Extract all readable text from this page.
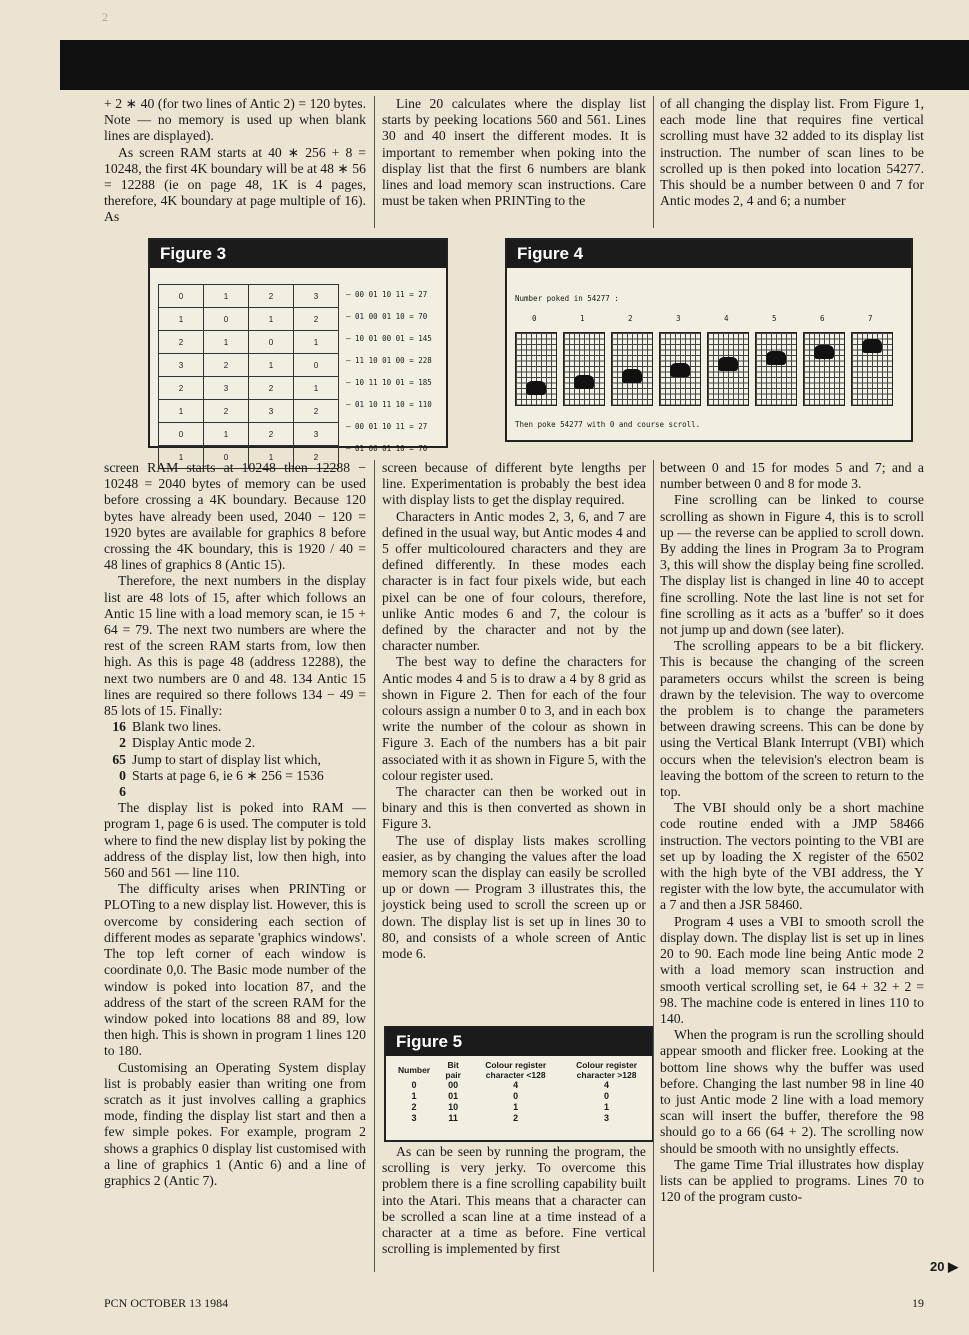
2

+ 2 ∗ 40 (for two lines of Antic 2) = 120 bytes. Note — no memory is used up when blank lines are displayed).

As screen RAM starts at 40 ∗ 256 + 8 = 10248, the first 4K boundary will be at 48 ∗ 56 = 12288 (ie on page 48, 1K is 4 pages, therefore, 4K boundary at page multiple of 16). As

Line 20 calculates where the display list starts by peeking locations 560 and 561. Lines 30 and 40 insert the different modes. It is important to remember when poking into the display list that the first 6 numbers are blank lines and load memory scan instructions. Care must be taken when PRINTing to the

of all changing the display list. From Figure 1, each mode line that requires fine vertical scrolling must have 32 added to its display list instruction. The number of scan lines to be scrolled up is then poked into location 54277. This should be a number between 0 and 7 for Antic modes 2, 4 and 6; a number

Figure 3
0	1	2	3
1	0	1	2
2	1	0	1
3	2	1	0
2	3	2	1
1	2	3	2
0	1	2	3
1	0	1	2
– 00 01 10 11 = 27
– 01 00 01 10 = 70
– 10 01 00 01 = 145
– 11 10 01 00 = 228
– 10 11 10 01 = 185
– 01 10 11 10 = 110
– 00 01 10 11 = 27
– 01 00 01 10 = 70
Figure 4
Number poked in 54277 :
Then poke 54277 with 0 and course scroll.
0	1	2	3	4	5	6	7

screen RAM starts at 10248 then 12288 − 10248 = 2040 bytes of memory can be used before crossing a 4K boundary. Because 120 bytes have already been used, 2040 − 120 = 1920 bytes are available for graphics 8 before crossing the 4K boundary, this is 1920 / 40 = 48 lines of graphics 8 (Antic 15).

Therefore, the next numbers in the display list are 48 lots of 15, after which follows an Antic 15 line with a load memory scan, ie 15 + 64 = 79. The next two numbers are where the rest of the screen RAM starts from, low then high. As this is page 48 (address 12288), the next two numbers are 0 and 48. 134 Antic 15 lines are required so there follows 134 − 49 = 85 lots of 15. Finally:

16 Blank two lines.
2 Display Antic mode 2.
65 Jump to start of display list which,
0 Starts at page 6, ie 6 ∗ 256 = 1536
6

The display list is poked into RAM — program 1, page 6 is used. The computer is told where to find the new display list by poking the address of the display list, low then high, into 560 and 561 — line 110.

The difficulty arises when PRINTing or PLOTing to a new display list. However, this is overcome by considering each section of different modes as separate 'graphics windows'. The top left corner of each window is coordinate 0,0. The Basic mode number of the window is poked into location 87, and the address of the start of the screen RAM for the window poked into locations 88 and 89, low then high. This is shown in program 1 lines 120 to 180.

Customising an Operating System display list is probably easier than writing one from scratch as it just involves calling a graphics mode, finding the display list start and then a few simple pokes. For example, program 2 shows a graphics 0 display list customised with a line of graphics 1 (Antic 6) and a line of graphics 2 (Antic 7).

screen because of different byte lengths per line. Experimentation is probably the best idea with display lists to get the display required.

Characters in Antic modes 2, 3, 6, and 7 are defined in the usual way, but Antic modes 4 and 5 offer multicoloured characters and they are defined differently. In these modes each character is in fact four pixels wide, but each pixel can be one of four colours, therefore, unlike Antic modes 6 and 7, the colour is defined by the character and not by the character number.

The best way to define the characters for Antic modes 4 and 5 is to draw a 4 by 8 grid as shown in Figure 2. Then for each of the four colours assign a number 0 to 3, and in each box write the number of the colour as shown in Figure 3. Each of the numbers has a bit pair associated with it as shown in Figure 5, with the colour register used.

The character can then be worked out in binary and this is then converted as shown in Figure 3.

The use of display lists makes scrolling easier, as by changing the values after the load memory scan the display can easily be scrolled up or down — Program 3 illustrates this, the joystick being used to scroll the screen up or down. The display list is set up in lines 30 to 80, and consists of a whole screen of Antic mode 6.

Figure 5
Number	Bit pair	Colour register character <128	Colour register character >128
0	00	4	4
1	01	0	0
2	10	1	1
3	11	2	3

As can be seen by running the program, the scrolling is very jerky. To overcome this problem there is a fine scrolling capability built into the Atari. This means that a character can be scrolled a scan line at a time instead of a character at a time as before. Fine vertical scrolling is implemented by first

between 0 and 15 for modes 5 and 7; and a number between 0 and 8 for mode 3.

Fine scrolling can be linked to course scrolling as shown in Figure 4, this is to scroll up — the reverse can be applied to scroll down. By adding the lines in Program 3a to Program 3, this will show the display being fine scrolled. The display list is changed in line 40 to accept fine scrolling. Note the last line is not set for fine scrolling as it acts as a 'buffer' so it does not jump up and down (see later).

The scrolling appears to be a bit flickery. This is because the changing of the screen parameters occurs whilst the screen is being drawn by the television. The way to overcome the problem is to change the parameters between drawing screens. This can be done by using the Vertical Blank Interrupt (VBI) which occurs when the television's electron beam is leaving the bottom of the screen to return to the top.

The VBI should only be a short machine code routine ended with a JMP 58466 instruction. The vectors pointing to the VBI are set up by loading the X register of the 6502 with the high byte of the VBI address, the Y register with the low byte, the accumulator with a 7 and then a JSR 58460.

Program 4 uses a VBI to smooth scroll the display down. The display list is set up in lines 20 to 90. Each mode line being Antic mode 2 with a load memory scan instruction and smooth vertical scrolling set, ie 64 + 32 + 2 = 98. The machine code is entered in lines 110 to 140.

When the program is run the scrolling should appear smooth and flicker free. Looking at the bottom line shows why the buffer was used before. Changing the last number 98 in line 40 to just Antic mode 2 line with a load memory scan will insert the buffer, therefore the 98 should go to a 66 (64 + 2). The scrolling now should be smooth with no unsightly effects.

The game Time Trial illustrates how display lists can be applied to programs. Lines 70 to 120 of the program custo-

20 ▶
PCN OCTOBER 13 1984	19
